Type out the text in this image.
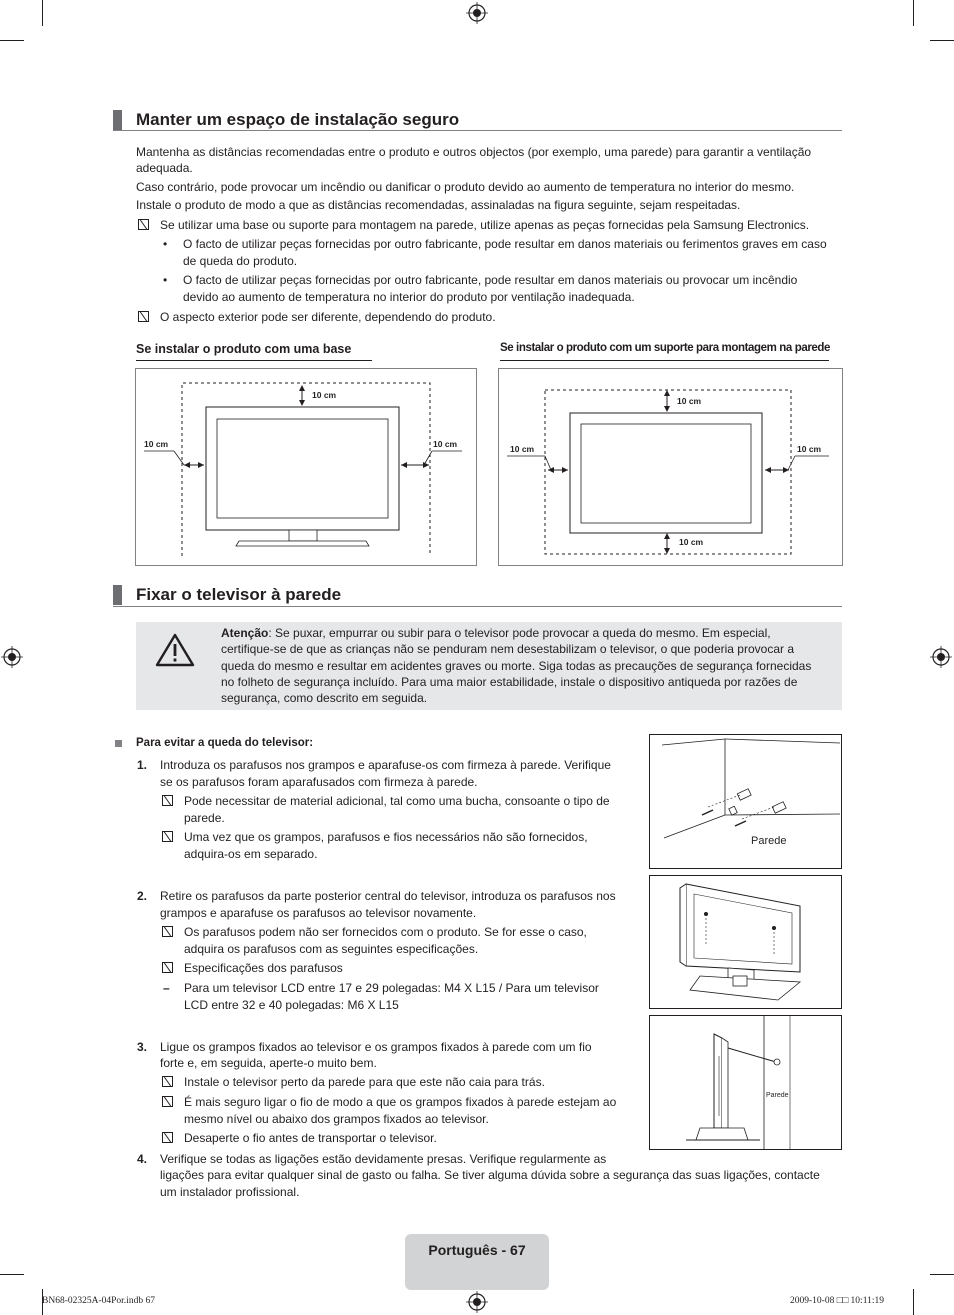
Manter um espaço de instalação seguro
Mantenha as distâncias recomendadas entre o produto e outros objectos (por exemplo, uma parede) para garantir a ventilação
adequada.
Caso contrário, pode provocar um incêndio ou danificar o produto devido ao aumento de temperatura no interior do mesmo.
Instale o produto de modo a que as distâncias recomendadas, assinaladas na figura seguinte, sejam respeitadas.
Se utilizar uma base ou suporte para montagem na parede, utilize apenas as peças fornecidas pela Samsung Electronics.
• O facto de utilizar peças fornecidas por outro fabricante, pode resultar em danos materiais ou ferimentos graves em caso
de queda do produto.
• O facto de utilizar peças fornecidas por outro fabricante, pode resultar em danos materiais ou provocar um incêndio
devido ao aumento de temperatura no interior do produto por ventilação inadequada.
O aspecto exterior pode ser diferente, dependendo do produto.
Se instalar o produto com uma base	Se instalar o produto com um suporte para montagem na parede
10 cm
10 cm	10 cm
10 cm
10 cm	10 cm
10 cm
Fixar o televisor à parede
Atenção: Se puxar, empurrar ou subir para o televisor pode provocar a queda do mesmo. Em especial,
certifique-se de que as crianças não se penduram nem desestabilizam o televisor, o que poderia provocar a
queda do mesmo e resultar em acidentes graves ou morte. Siga todas as precauções de segurança fornecidas
no folheto de segurança incluído. Para uma maior estabilidade, instale o dispositivo antiqueda por razões de
segurança, como descrito em seguida.
Para evitar a queda do televisor:
1. Introduza os parafusos nos grampos e aparafuse-os com firmeza à parede. Verifique
se os parafusos foram aparafusados com firmeza à parede.
Pode necessitar de material adicional, tal como uma bucha, consoante o tipo de
parede.
Uma vez que os grampos, parafusos e fios necessários não são fornecidos,
adquira-os em separado.
2. Retire os parafusos da parte posterior central do televisor, introduza os parafusos nos
grampos e aparafuse os parafusos ao televisor novamente.
Os parafusos podem não ser fornecidos com o produto. Se for esse o caso,
adquira os parafusos com as seguintes especificações.
Especificações dos parafusos
– Para um televisor LCD entre 17 e 29 polegadas: M4 X L15 / Para um televisor
LCD entre 32 e 40 polegadas: M6 X L15
3. Ligue os grampos fixados ao televisor e os grampos fixados à parede com um fio
forte e, em seguida, aperte-o muito bem.
Instale o televisor perto da parede para que este não caia para trás.
É mais seguro ligar o fio de modo a que os grampos fixados à parede estejam ao
mesmo nível ou abaixo dos grampos fixados ao televisor.
Desaperte o fio antes de transportar o televisor.
4. Verifique se todas as ligações estão devidamente presas. Verifique regularmente as
ligações para evitar qualquer sinal de gasto ou falha. Se tiver alguma dúvida sobre a segurança das suas ligações, contacte
um instalador profissional.
Parede
Parede
Português - 67
BN68-02325A-04Por.indb 67	2009-10-08 □□ 10:11:19
